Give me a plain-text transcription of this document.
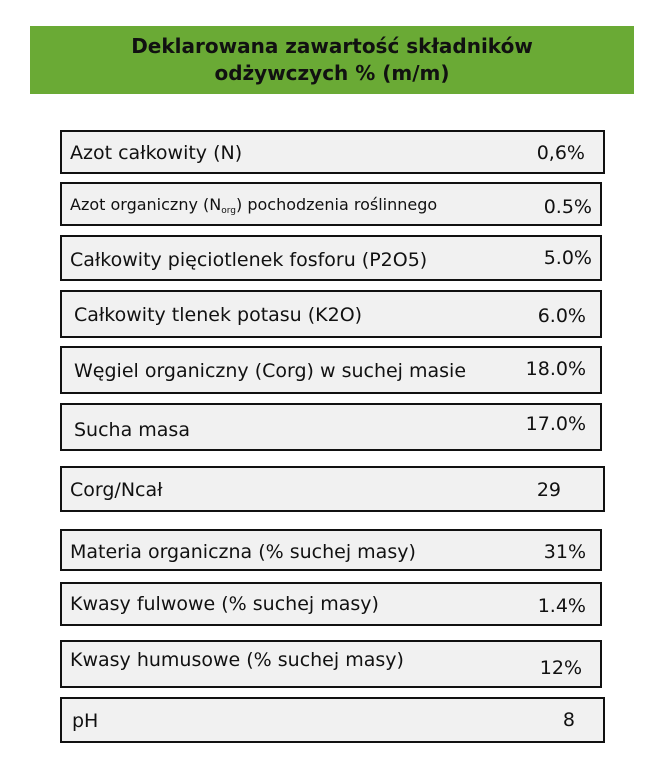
Deklarowana zawartość składników
odżywczych % (m/m)
Azot całkowity (N)	0,6%
Azot organiczny $(N_{org})$ pochodzenia roślinnego	0.5%
Całkowity pięciotlenek fosforu (P2O5)	5.0%
Całkowity tlenek potasu (K2O)	6.0%
Węgiel organiczny (Corg) w suchej masie	18.0%
Sucha masa	17.0%
Corg/Ncał	29
Materia organiczna (% suchej masy)	31%
Kwasy fulwowe (% suchej masy)	1.4%
Kwasy humusowe (% suchej masy)	12%
pH	8
